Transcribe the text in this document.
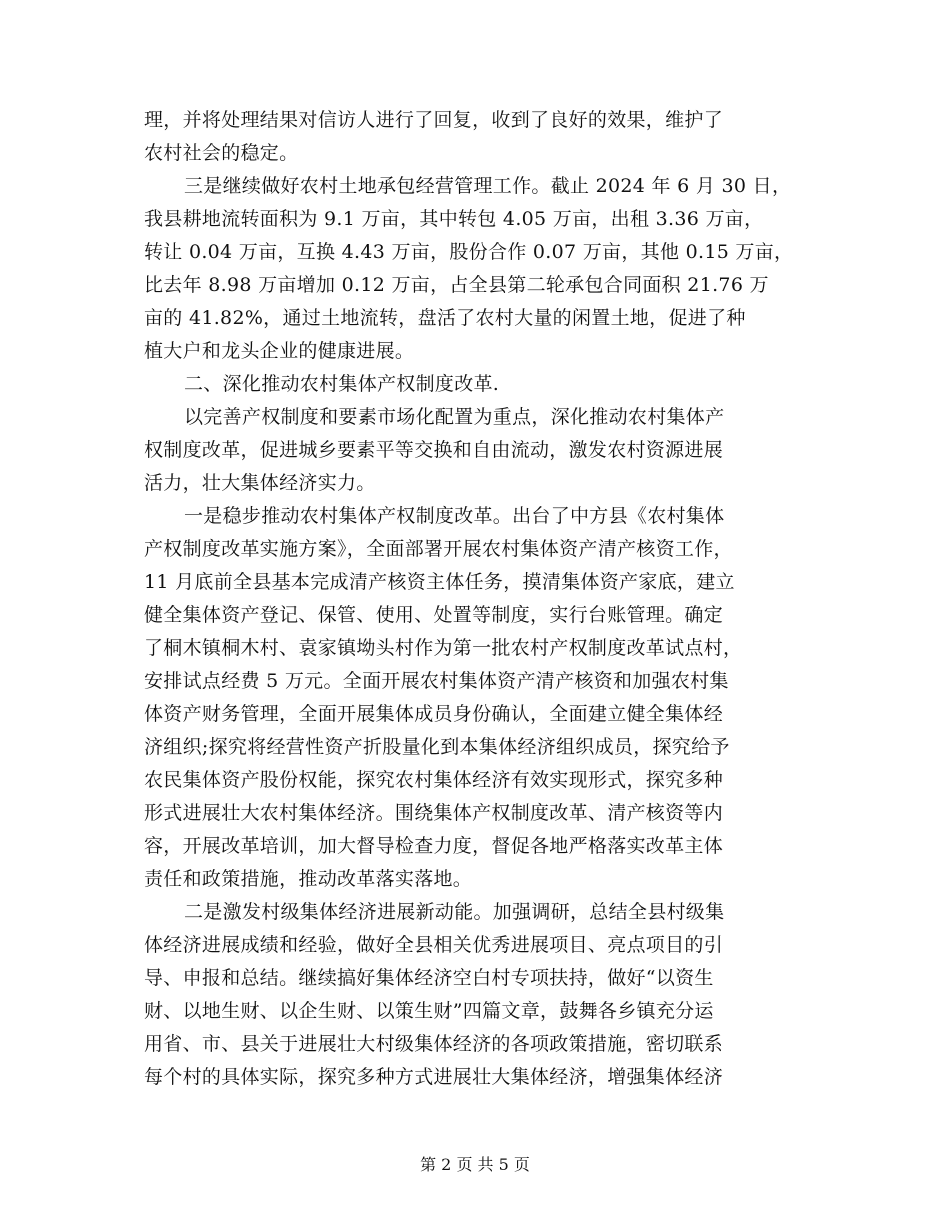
理，并将处理结果对信访人进行了回复，收到了良好的效果，维护了
农村社会的稳定。
三是继续做好农村土地承包经营管理工作。截止 2024 年 6 月 30 日，
我县耕地流转面积为 9.1 万亩，其中转包 4.05 万亩，出租 3.36 万亩，
转让 0.04 万亩，互换 4.43 万亩，股份合作 0.07 万亩，其他 0.15 万亩，
比去年 8.98 万亩增加 0.12 万亩，占全县第二轮承包合同面积 21.76 万
亩的 41.82%，通过土地流转，盘活了农村大量的闲置土地，促进了种
植大户和龙头企业的健康进展。
二、深化推动农村集体产权制度改革.
以完善产权制度和要素市场化配置为重点，深化推动农村集体产
权制度改革，促进城乡要素平等交换和自由流动，激发农村资源进展
活力，壮大集体经济实力。
一是稳步推动农村集体产权制度改革。出台了中方县《农村集体
产权制度改革实施方案》，全面部署开展农村集体资产清产核资工作，
11 月底前全县基本完成清产核资主体任务，摸清集体资产家底，建立
健全集体资产登记、保管、使用、处置等制度，实行台账管理。确定
了桐木镇桐木村、袁家镇坳头村作为第一批农村产权制度改革试点村，
安排试点经费 5 万元。全面开展农村集体资产清产核资和加强农村集
体资产财务管理，全面开展集体成员身份确认，全面建立健全集体经
济组织;探究将经营性资产折股量化到本集体经济组织成员，探究给予
农民集体资产股份权能，探究农村集体经济有效实现形式，探究多种
形式进展壮大农村集体经济。围绕集体产权制度改革、清产核资等内
容，开展改革培训，加大督导检查力度，督促各地严格落实改革主体
责任和政策措施，推动改革落实落地。
二是激发村级集体经济进展新动能。加强调研，总结全县村级集
体经济进展成绩和经验，做好全县相关优秀进展项目、亮点项目的引
导、申报和总结。继续搞好集体经济空白村专项扶持，做好“以资生
财、以地生财、以企生财、以策生财”四篇文章，鼓舞各乡镇充分运
用省、市、县关于进展壮大村级集体经济的各项政策措施，密切联系
每个村的具体实际，探究多种方式进展壮大集体经济，增强集体经济
第 2 页 共 5 页
